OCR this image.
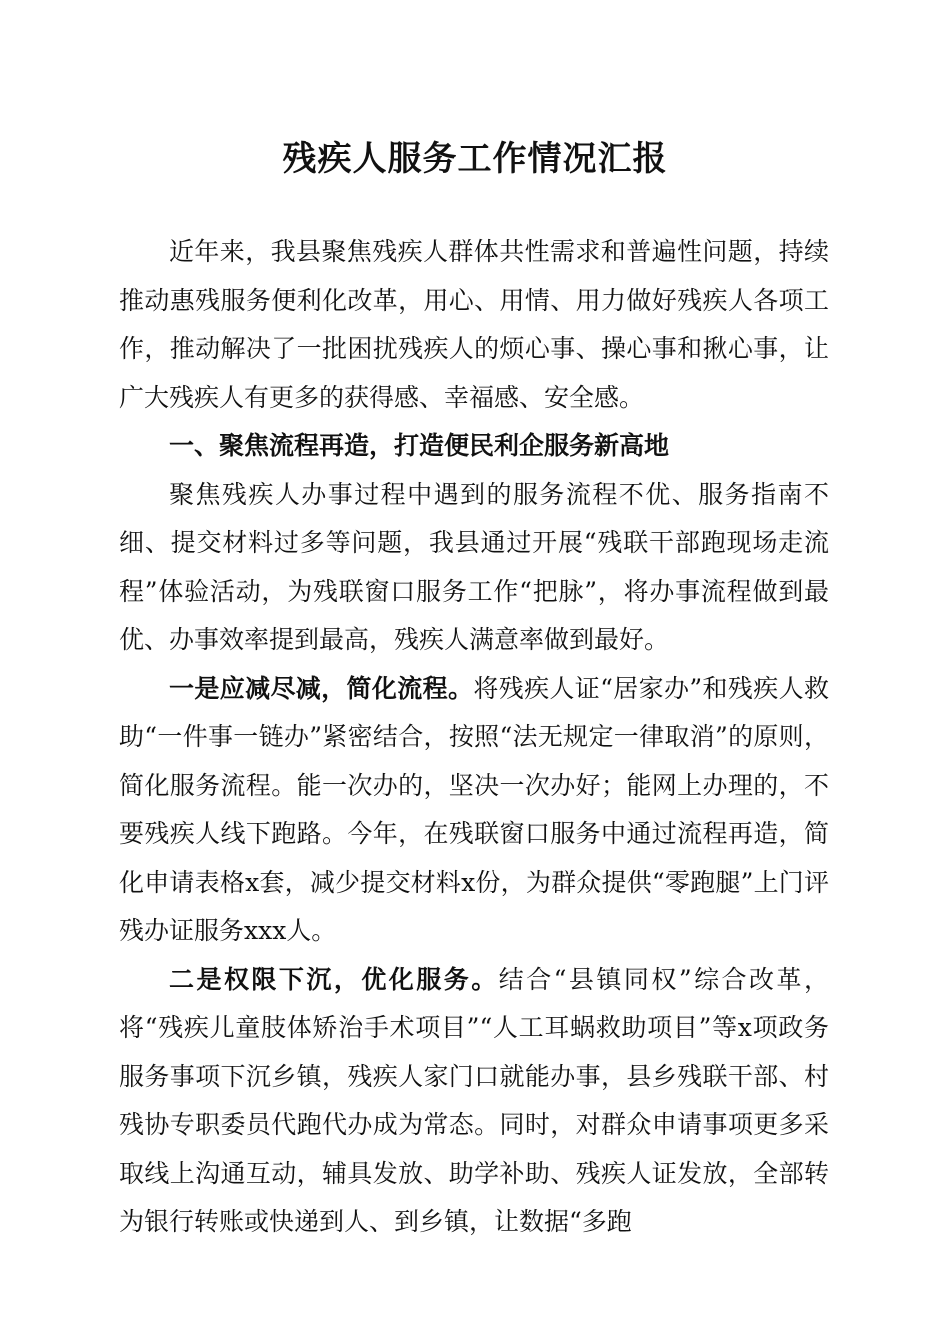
残疾人服务工作情况汇报

近年来，我县聚焦残疾人群体共性需求和普遍性问题，持续推动惠残服务便利化改革，用心、用情、用力做好残疾人各项工作，推动解决了一批困扰残疾人的烦心事、操心事和揪心事，让广大残疾人有更多的获得感、幸福感、安全感。

一、聚焦流程再造，打造便民利企服务新高地

聚焦残疾人办事过程中遇到的服务流程不优、服务指南不细、提交材料过多等问题，我县通过开展“残联干部跑现场走流程”体验活动，为残联窗口服务工作“把脉”，将办事流程做到最优、办事效率提到最高，残疾人满意率做到最好。

一是应减尽减，简化流程。将残疾人证“居家办”和残疾人救助“一件事一链办”紧密结合，按照“法无规定一律取消”的原则，简化服务流程。能一次办的，坚决一次办好；能网上办理的，不要残疾人线下跑路。今年，在残联窗口服务中通过流程再造，简化申请表格x套，减少提交材料x份，为群众提供“零跑腿”上门评残办证服务xxx人。

二是权限下沉，优化服务。结合“县镇同权”综合改革，将“残疾儿童肢体矫治手术项目”“人工耳蜗救助项目”等x项政务服务事项下沉乡镇，残疾人家门口就能办事，县乡残联干部、村残协专职委员代跑代办成为常态。同时，对群众申请事项更多采取线上沟通互动，辅具发放、助学补助、残疾人证发放，全部转为银行转账或快递到人、到乡镇，让数据“多跑
